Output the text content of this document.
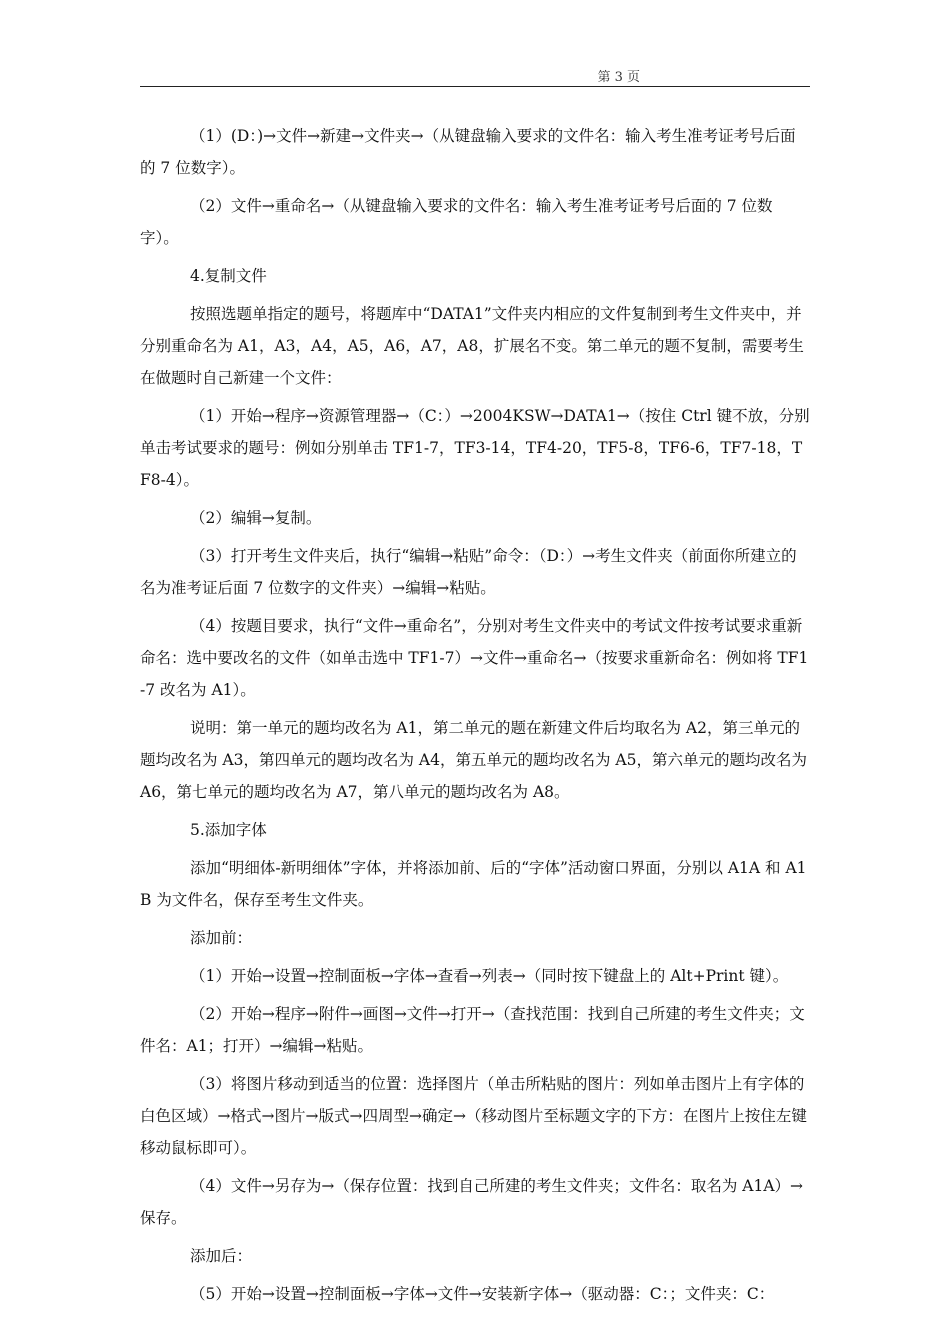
第 3 页

（1）(D：)→文件→新建→文件夹→（从键盘输入要求的文件名：输入考生准考证考号后面的 7 位数字）。

（2）文件→重命名→（从键盘输入要求的文件名：输入考生准考证考号后面的 7 位数字）。

4.复制文件

按照选题单指定的题号，将题库中“DATA1”文件夹内相应的文件复制到考生文件夹中，并分别重命名为 A1，A3，A4，A5，A6，A7，A8，扩展名不变。第二单元的题不复制，需要考生在做题时自己新建一个文件：

（1）开始→程序→资源管理器→（C：）→2004KSW→DATA1→（按住 Ctrl 键不放，分别单击考试要求的题号：例如分别单击 TF1-7，TF3-14，TF4-20，TF5-8，TF6-6，TF7-18，TF8-4）。

（2）编辑→复制。

（3）打开考生文件夹后，执行“编辑→粘贴”命令：（D：）→考生文件夹（前面你所建立的名为准考证后面 7 位数字的文件夹）→编辑→粘贴。

（4）按题目要求，执行“文件→重命名”，分别对考生文件夹中的考试文件按考试要求重新命名：选中要改名的文件（如单击选中 TF1-7）→文件→重命名→（按要求重新命名：例如将 TF1-7 改名为 A1）。

说明：第一单元的题均改名为 A1，第二单元的题在新建文件后均取名为 A2，第三单元的题均改名为 A3，第四单元的题均改名为 A4，第五单元的题均改名为 A5，第六单元的题均改名为 A6，第七单元的题均改名为 A7，第八单元的题均改名为 A8。

5.添加字体

添加“明细体-新明细体”字体，并将添加前、后的“字体”活动窗口界面，分别以 A1A 和 A1B 为文件名，保存至考生文件夹。

添加前：

（1）开始→设置→控制面板→字体→查看→列表→（同时按下键盘上的 Alt+Print 键）。

（2）开始→程序→附件→画图→文件→打开→（查找范围：找到自己所建的考生文件夹；文件名：A1；打开）→编辑→粘贴。

（3）将图片移动到适当的位置：选择图片（单击所粘贴的图片：列如单击图片上有字体的白色区域）→格式→图片→版式→四周型→确定→（移动图片至标题文字的下方：在图片上按住左键移动鼠标即可）。

（4）文件→另存为→（保存位置：找到自己所建的考生文件夹；文件名：取名为 A1A）→保存。

添加后：

（5）开始→设置→控制面板→字体→文件→安装新字体→（驱动器：C：；文件夹：C：
